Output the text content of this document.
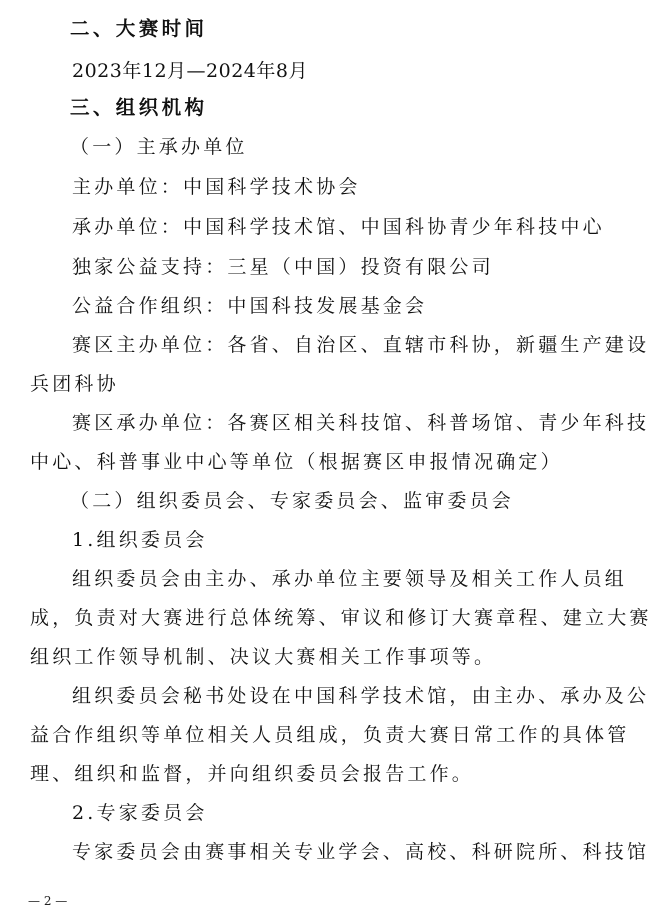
二、大赛时间
2023年12月—2024年8月
三、组织机构
（一）主承办单位
主办单位：中国科学技术协会
承办单位：中国科学技术馆、中国科协青少年科技中心
独家公益支持：三星（中国）投资有限公司
公益合作组织：中国科技发展基金会
赛区主办单位：各省、自治区、直辖市科协，新疆生产建设
兵团科协
赛区承办单位：各赛区相关科技馆、科普场馆、青少年科技
中心、科普事业中心等单位（根据赛区申报情况确定）
（二）组织委员会、专家委员会、监审委员会
1.组织委员会
组织委员会由主办、承办单位主要领导及相关工作人员组
成，负责对大赛进行总体统筹、审议和修订大赛章程、建立大赛
组织工作领导机制、决议大赛相关工作事项等。
组织委员会秘书处设在中国科学技术馆，由主办、承办及公
益合作组织等单位相关人员组成，负责大赛日常工作的具体管
理、组织和监督，并向组织委员会报告工作。
2.专家委员会
专家委员会由赛事相关专业学会、高校、科研院所、科技馆
— 2 —
